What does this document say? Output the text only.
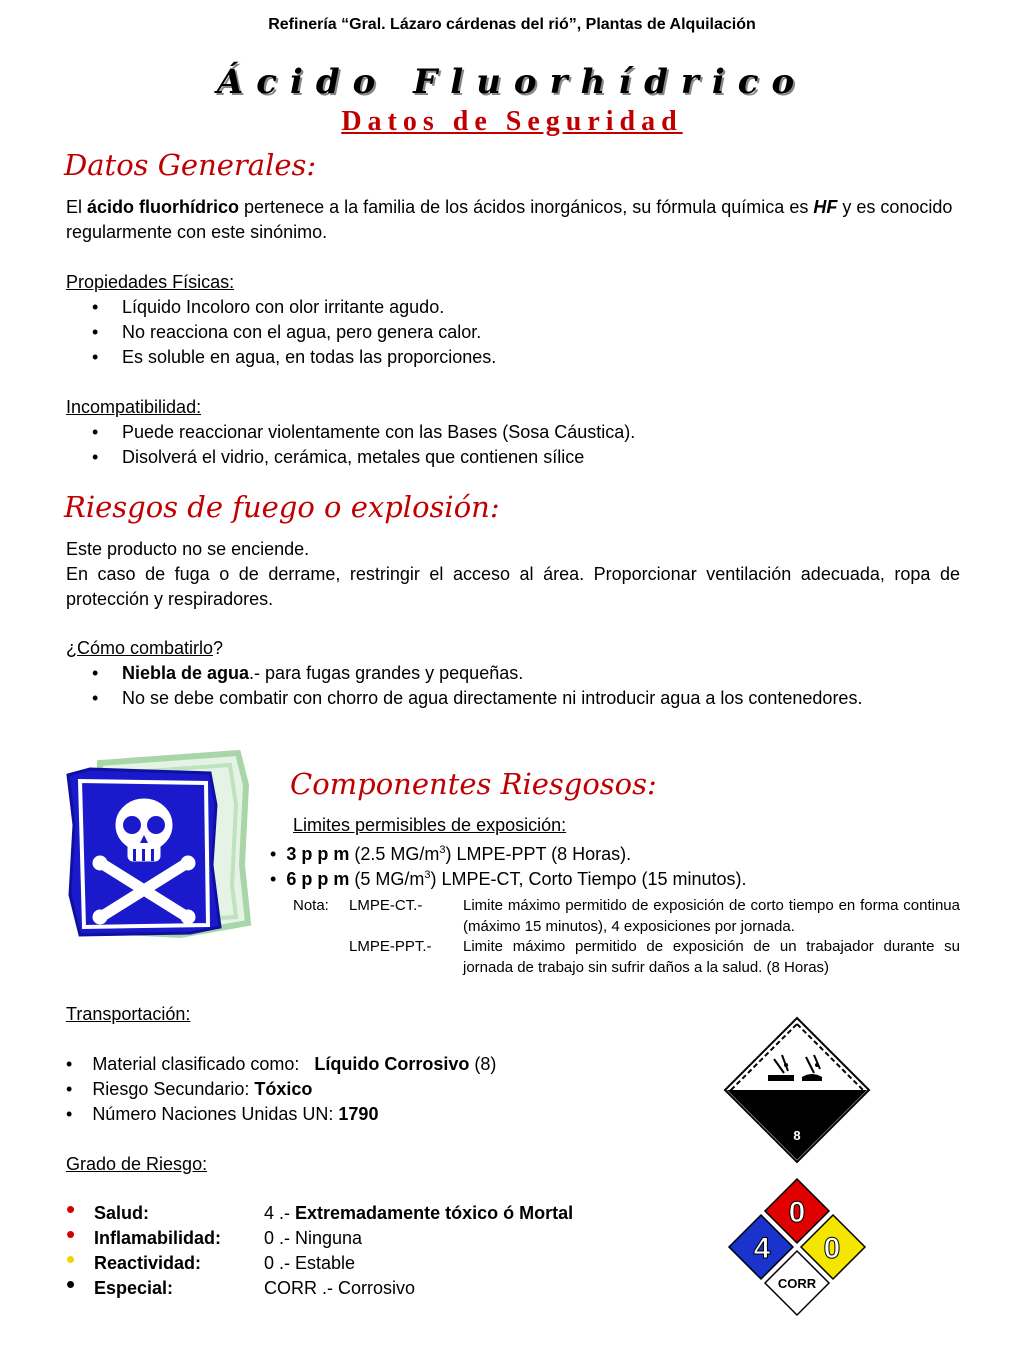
Refinería “Gral. Lázaro cárdenas del rió”, Plantas de Alquilación
Ácido Fluorhídrico
Datos de Seguridad
Datos Generales:
El ácido fluorhídrico pertenece a la familia de los ácidos inorgánicos, su fórmula química es HF y es conocido regularmente con este sinónimo.
Propiedades Físicas:
• Líquido Incoloro con olor irritante agudo.
• No reacciona con el agua, pero genera calor.
• Es soluble en agua, en todas las proporciones.
Incompatibilidad:
• Puede reaccionar violentamente con las Bases (Sosa Cáustica).
• Disolverá el vidrio, cerámica, metales que contienen sílice
Riesgos de fuego o explosión:
Este producto no se enciende.
En caso de fuga o de derrame, restringir el acceso al área. Proporcionar ventilación adecuada, ropa de protección y respiradores.
¿Cómo combatirlo?
• Niebla de agua.- para fugas grandes y pequeñas.
• No se debe combatir con chorro de agua directamente ni introducir agua a los contenedores.
Componentes Riesgosos:
Limites permisibles de exposición:
•  3 p p m (2.5 $MG/m^3$) LMPE-PPT (8 Horas).
•  6 p p m (5 $MG/m^3$) LMPE-CT, Corto Tiempo (15 minutos).
Nota: LMPE-CT.-	Limite máximo permitido de exposición de corto tiempo en forma continua (máximo 15 minutos), 4 exposiciones por jornada.
LMPE-PPT.- Limite máximo permitido de exposición de un trabajador durante su jornada de trabajo sin sufrir daños a la salud. (8 Horas)
Transportación:
•    Material clasificado como: Líquido Corrosivo (8)
•    Riesgo Secundario: Tóxico
•    Número Naciones Unidas UN: 1790
8
Grado de Riesgo:
• Salud:	4 .- Extremadamente tóxico ó Mortal
• Inflamabilidad: 0 .- Ninguna
• Reactividad:	0 .- Estable
• Especial:	CORR .- Corrosivo
0
4 0
CORR
